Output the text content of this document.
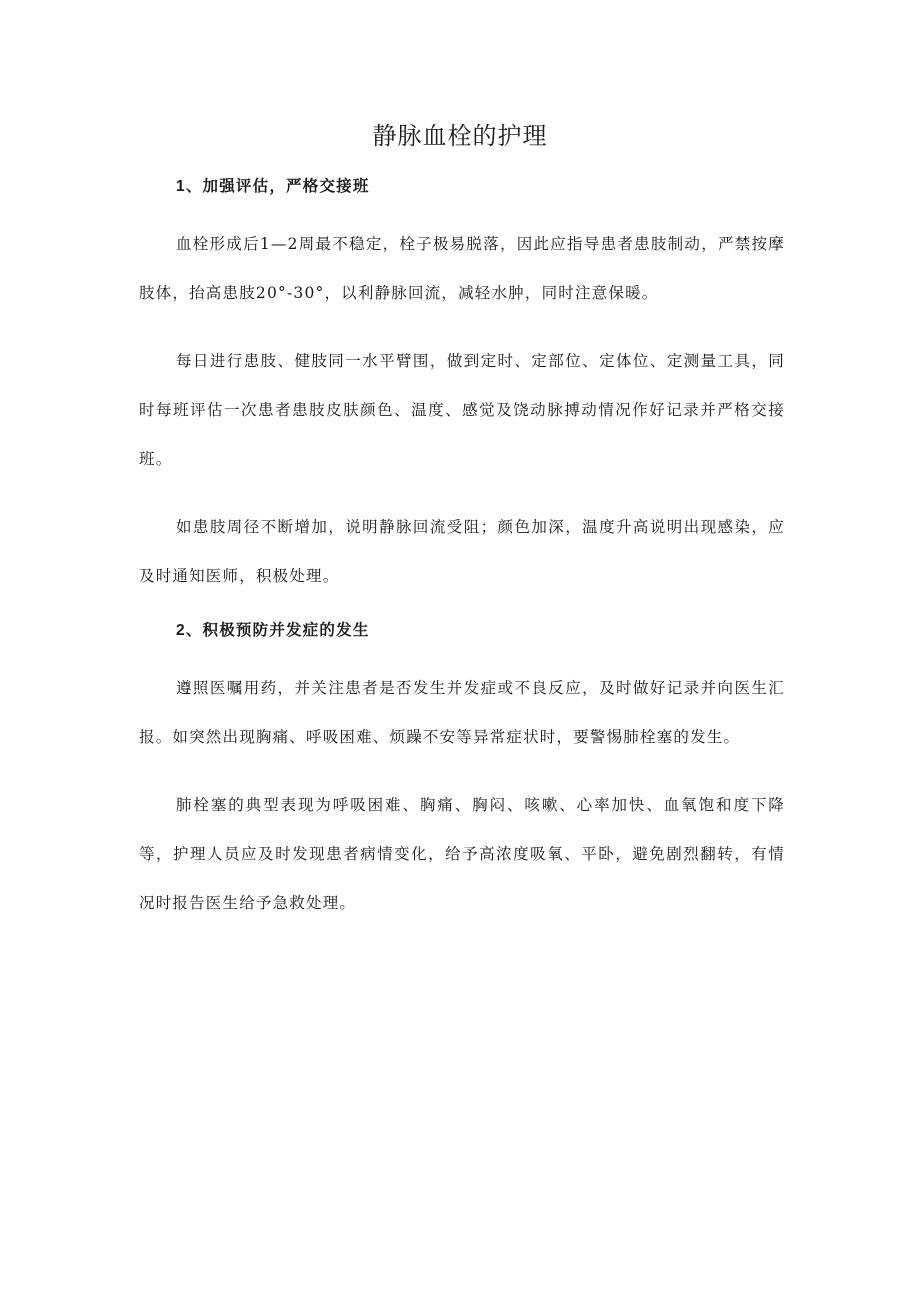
静脉血栓的护理
1、加强评估，严格交接班

血栓形成后1—2周最不稳定，栓子极易脱落，因此应指导患者患肢制动，严禁按摩肢体，抬高患肢20°-30°，以利静脉回流，减轻水肿，同时注意保暖。

每日进行患肢、健肢同一水平臂围，做到定时、定部位、定体位、定测量工具，同时每班评估一次患者患肢皮肤颜色、温度、感觉及饶动脉搏动情况作好记录并严格交接班。

如患肢周径不断增加，说明静脉回流受阻；颜色加深，温度升高说明出现感染，应及时通知医师，积极处理。

2、积极预防并发症的发生

遵照医嘱用药，并关注患者是否发生并发症或不良反应，及时做好记录并向医生汇报。如突然出现胸痛、呼吸困难、烦躁不安等异常症状时，要警惕肺栓塞的发生。

肺栓塞的典型表现为呼吸困难、胸痛、胸闷、咳嗽、心率加快、血氧饱和度下降等，护理人员应及时发现患者病情变化，给予高浓度吸氧、平卧，避免剧烈翻转，有情况时报告医生给予急救处理。
